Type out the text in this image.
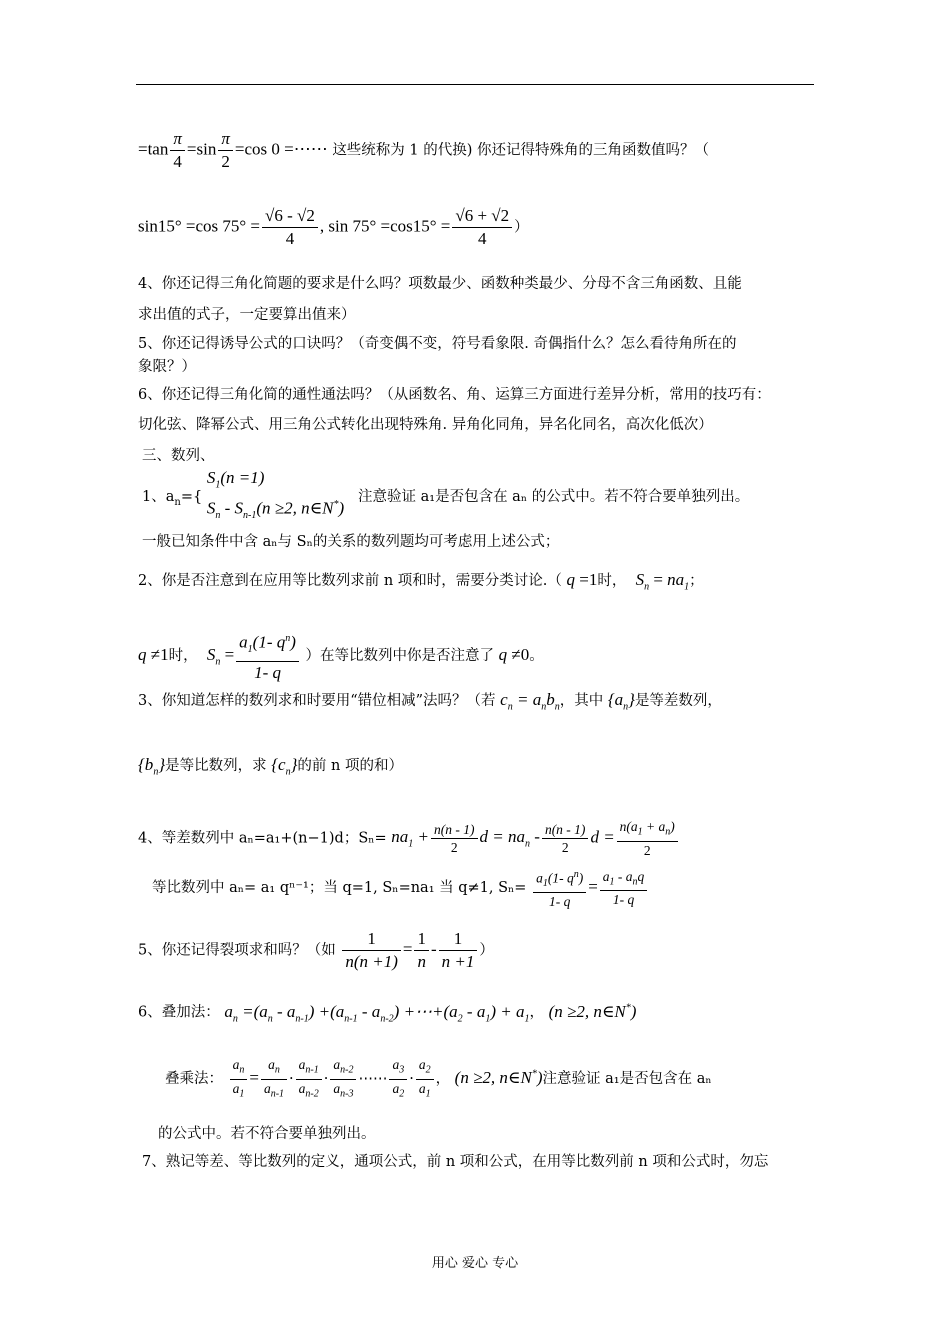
$=\tan \frac{\pi}{4} =\sin \frac{\pi}{2} =\cos$ 0 =⋯⋯ 这些统称为 1 的代换) 你还记得特殊角的三角函数值吗？（
sin15° =cos $75^\circ = \frac{√6 - √2}{4}$ , $\sin 75^\circ =\cos 15^\circ = \frac{√6 + √2}{4}$ ）
4、你还记得三角化简题的要求是什么吗？项数最少、函数种类最少、分母不含三角函数、且能
求出值的式子，一定要算出值来）
5、你还记得诱导公式的口诀吗？（奇变偶不变，符号看象限. 奇偶指什么？怎么看待角所在的
象限？）
6、你还记得三角化简的通性通法吗？（从函数名、角、运算三方面进行差异分析，常用的技巧有：
切化弦、降幂公式、用三角公式转化出现特殊角. 异角化同角，异名化同名，高次化低次）
三、数列、
1、$a_n=${
$S_1(n =1)$
$S_n - S_{n-1}(n \ge 2$, n∈N*)
注意验证 a₁是否包含在 aₙ 的公式中。若不符合要单独列出。
一般已知条件中含 aₙ与 Sₙ的关系的数列题均可考虑用上述公式；
2、你是否注意到在应用等比数列求前 n 项和时，需要分类讨论.（ q =1时， $S_n = na_1$；
q ≠1时，  $S_n = \frac{a_1(1- q^n)}{1- q}$ ）在等比数列中你是否注意了 q ≠0。
3、你知道怎样的数列求和时要用“错位相减”法吗？（若 $c_n = a_nb_n$，其中 $\{a_n\}$是等差数列，
$\{b_n\}$是等比数列，求 $\{c_n\}$的前 n 项的和）
4、等差数列中 aₙ=a₁+(n−1)d；$S_n= na_1 + \frac{n(n - 1)}{2}$ $d = na_n - \frac{n(n - 1)}{2}$ $d = \frac{n(a_1 + a_n)}{2}$
等比数列中 aₙ= a₁ qⁿ⁻¹；当 q=1, Sₙ=na₁ 当 q≠1, $S_n= \frac{a_1(1- q^n)}{1- q} = \frac{a_1 - a_nq}{1- q}$
5、你还记得裂项求和吗？（如 $\frac{1}{n(n +1)} = \frac{1}{n} - \frac{1}{n +1}$ ）
6、叠加法： $a_n =(a_n - a_{n-1}) +(a_{n-1} - a_{n-2})$ $+\cdots+(a_2 - a_1) + a_1$， (n ≥2, n∈N*)
叠乘法： $\frac{a_n}{a_1} = \frac{a_n}{a_{n-1}} \cdot \frac{a_{n-1}}{a_{n-2}} \cdot \frac{a_{n-2}}{a_{n-3}}$ ⋯⋯ $\frac{a_3}{a_2} \cdot \frac{a_2}{a_1}$ ， (n ≥2, n∈N*)注意验证 a₁是否包含在 aₙ
的公式中。若不符合要单独列出。
7、熟记等差、等比数列的定义，通项公式，前 n 项和公式，在用等比数列前 n 项和公式时，勿忘
用心 爱心 专心
